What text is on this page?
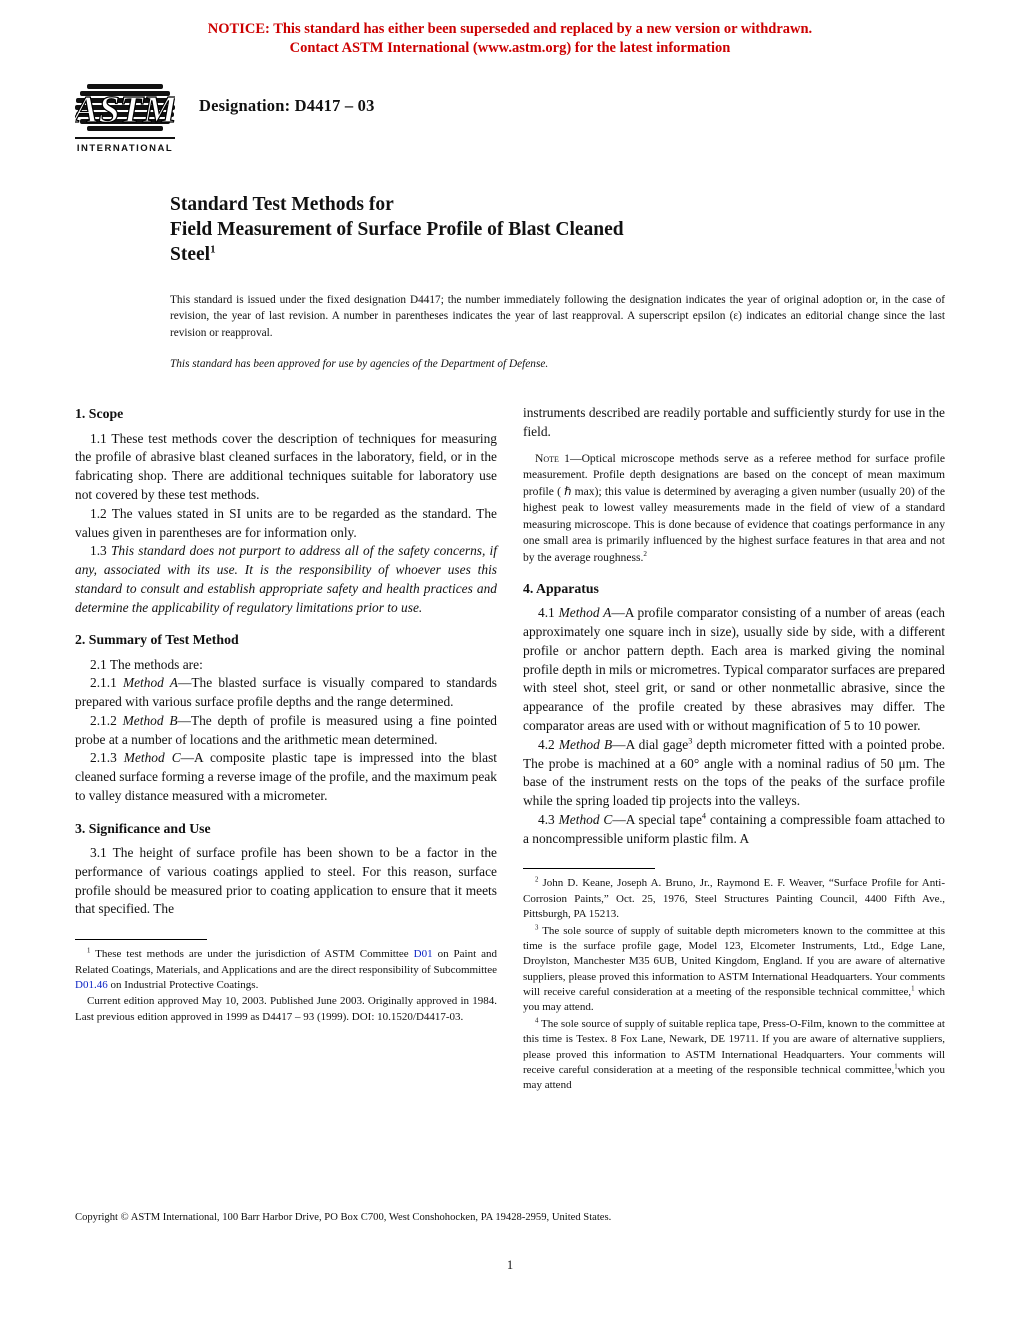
NOTICE: This standard has either been superseded and replaced by a new version or withdrawn.
Contact ASTM International (www.astm.org) for the latest information
ASTM
INTERNATIONAL
Designation: D4417 – 03
Standard Test Methods for
Field Measurement of Surface Profile of Blast Cleaned
Steel$^1$

This standard is issued under the fixed designation D4417; the number immediately following the designation indicates the year of original adoption or, in the case of revision, the year of last revision. A number in parentheses indicates the year of last reapproval. A superscript epsilon (ε) indicates an editorial change since the last revision or reapproval.

This standard has been approved for use by agencies of the Department of Defense.

1. Scope

1.1 These test methods cover the description of techniques for measuring the profile of abrasive blast cleaned surfaces in the laboratory, field, or in the fabricating shop. There are additional techniques suitable for laboratory use not covered by these test methods.

1.2 The values stated in SI units are to be regarded as the standard. The values given in parentheses are for information only.

1.3 This standard does not purport to address all of the safety concerns, if any, associated with its use. It is the responsibility of whoever uses this standard to consult and establish appropriate safety and health practices and determine the applicability of regulatory limitations prior to use.

2. Summary of Test Method

2.1 The methods are:

2.1.1 Method A—The blasted surface is visually compared to standards prepared with various surface profile depths and the range determined.

2.1.2 Method B—The depth of profile is measured using a fine pointed probe at a number of locations and the arithmetic mean determined.

2.1.3 Method C—A composite plastic tape is impressed into the blast cleaned surface forming a reverse image of the profile, and the maximum peak to valley distance measured with a micrometer.

3. Significance and Use

3.1 The height of surface profile has been shown to be a factor in the performance of various coatings applied to steel. For this reason, surface profile should be measured prior to coating application to ensure that it meets that specified. The

$^1$ These test methods are under the jurisdiction of ASTM Committee D01 on Paint and Related Coatings, Materials, and Applications and are the direct responsibility of Subcommittee D01.46 on Industrial Protective Coatings.

Current edition approved May 10, 2003. Published June 2003. Originally approved in 1984. Last previous edition approved in 1999 as D4417 – 93 (1999). DOI: 10.1520/D4417-03.

instruments described are readily portable and sufficiently sturdy for use in the field.

Note 1—Optical microscope methods serve as a referee method for surface profile measurement. Profile depth designations are based on the concept of mean maximum profile ( ℏ max); this value is determined by averaging a given number (usually 20) of the highest peak to lowest valley measurements made in the field of view of a standard measuring microscope. This is done because of evidence that coatings performance in any one small area is primarily influenced by the highest surface features in that area and not by the average roughness.$^2$

4. Apparatus

4.1 Method A—A profile comparator consisting of a number of areas (each approximately one square inch in size), usually side by side, with a different profile or anchor pattern depth. Each area is marked giving the nominal profile depth in mils or micrometres. Typical comparator surfaces are prepared with steel shot, steel grit, or sand or other nonmetallic abrasive, since the appearance of the profile created by these abrasives may differ. The comparator areas are used with or without magnification of 5 to 10 power.

4.2 Method B—A dial gage$^3$ depth micrometer fitted with a pointed probe. The probe is machined at a 60° angle with a nominal radius of 50 μm. The base of the instrument rests on the tops of the peaks of the surface profile while the spring loaded tip projects into the valleys.

4.3 Method C—A special tape$^4$ containing a compressible foam attached to a noncompressible uniform plastic film. A

$^2$ John D. Keane, Joseph A. Bruno, Jr., Raymond E. F. Weaver, “Surface Profile for Anti-Corrosion Paints,” Oct. 25, 1976, Steel Structures Painting Council, 4400 Fifth Ave., Pittsburgh, PA 15213.

$^3$ The sole source of supply of suitable depth micrometers known to the committee at this time is the surface profile gage, Model 123, Elcometer Instruments, Ltd., Edge Lane, Droylston, Manchester M35 6UB, United Kingdom, England. If you are aware of alternative suppliers, please proved this information to ASTM International Headquarters. Your comments will receive careful consideration at a meeting of the responsible technical committee,$^1$ which you may attend.

$^4$ The sole source of supply of suitable replica tape, Press-O-Film, known to the committee at this time is Testex. 8 Fox Lane, Newark, DE 19711. If you are aware of alternative suppliers, please proved this information to ASTM International Headquarters. Your comments will receive careful consideration at a meeting of the responsible technical committee,$^1$which you may attend

Copyright © ASTM International, 100 Barr Harbor Drive, PO Box C700, West Conshohocken, PA 19428-2959, United States.
1
